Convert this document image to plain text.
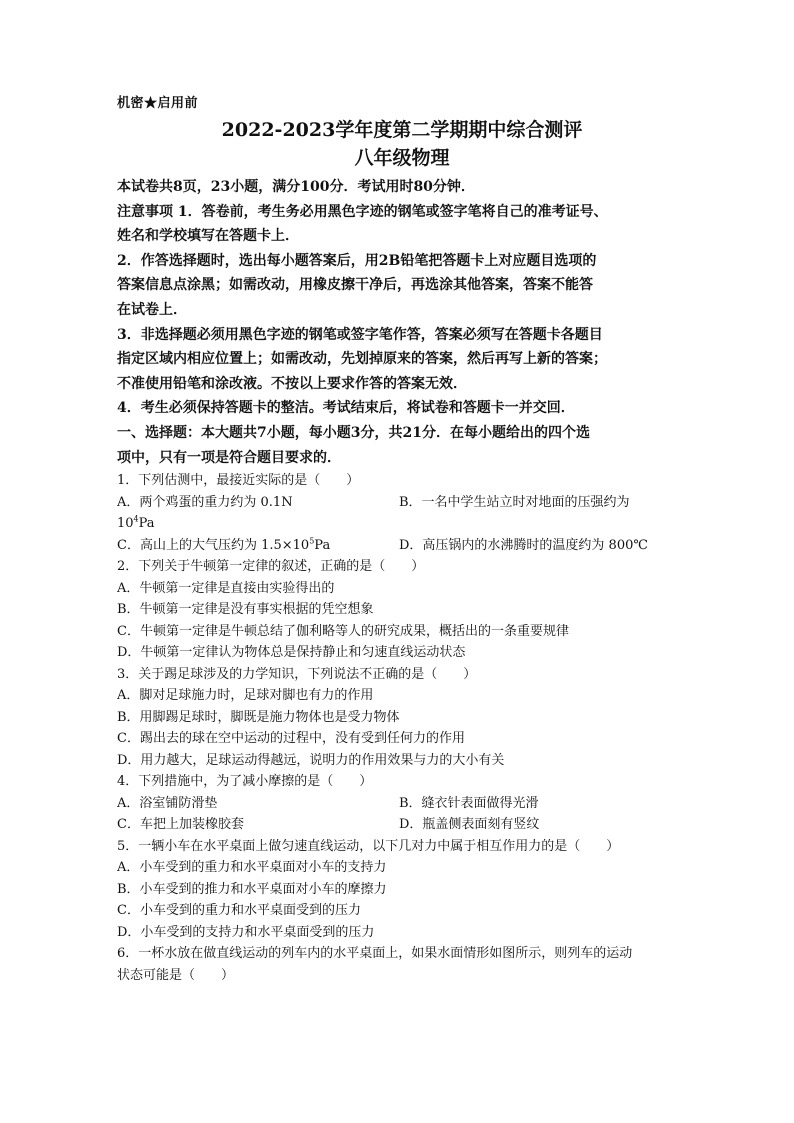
机密★启用前
2022-2023学年度第二学期期中综合测评
八年级物理
本试卷共8页，23小题，满分100分．考试用时80分钟．
注意事项 1．答卷前，考生务必用黑色字迹的钢笔或签字笔将自己的准考证号、
姓名和学校填写在答题卡上．
2．作答选择题时，选出每小题答案后，用2B铅笔把答题卡上对应题目选项的
答案信息点涂黑；如需改动，用橡皮擦干净后，再选涂其他答案，答案不能答
在试卷上．
3．非选择题必须用黑色字迹的钢笔或签字笔作答，答案必须写在答题卡各题目
指定区域内相应位置上；如需改动，先划掉原来的答案，然后再写上新的答案；
不准使用铅笔和涂改液。不按以上要求作答的答案无效．
4．考生必须保持答题卡的整洁。考试结束后，将试卷和答题卡一并交回．
一、选择题：本大题共7小题，每小题3分，共21分．在每小题给出的四个选
项中，只有一项是符合题目要求的．
1．下列估测中，最接近实际的是（　　）
A．两个鸡蛋的重力约为 0.1N	B．一名中学生站立时对地面的压强约为
$10^4Pa$
C．高山上的大气压约为 $1.5\times 10^5Pa$	D．高压锅内的水沸腾时的温度约为 800℃
2．下列关于牛顿第一定律的叙述，正确的是（　　）
A．牛顿第一定律是直接由实验得出的
B．牛顿第一定律是没有事实根据的凭空想象
C．牛顿第一定律是牛顿总结了伽利略等人的研究成果，概括出的一条重要规律
D．牛顿第一定律认为物体总是保持静止和匀速直线运动状态
3．关于踢足球涉及的力学知识，下列说法不正确的是（　　）
A．脚对足球施力时，足球对脚也有力的作用
B．用脚踢足球时，脚既是施力物体也是受力物体
C．踢出去的球在空中运动的过程中，没有受到任何力的作用
D．用力越大，足球运动得越远，说明力的作用效果与力的大小有关
4．下列措施中，为了减小摩擦的是（　　）
A．浴室铺防滑垫	B．缝衣针表面做得光滑
C．车把上加装橡胶套	D．瓶盖侧表面刻有竖纹
5．一辆小车在水平桌面上做匀速直线运动，以下几对力中属于相互作用力的是（　　）
A．小车受到的重力和水平桌面对小车的支持力
B．小车受到的推力和水平桌面对小车的摩擦力
C．小车受到的重力和水平桌面受到的压力
D．小车受到的支持力和水平桌面受到的压力
6．一杯水放在做直线运动的列车内的水平桌面上，如果水面情形如图所示，则列车的运动
状态可能是（　　）
